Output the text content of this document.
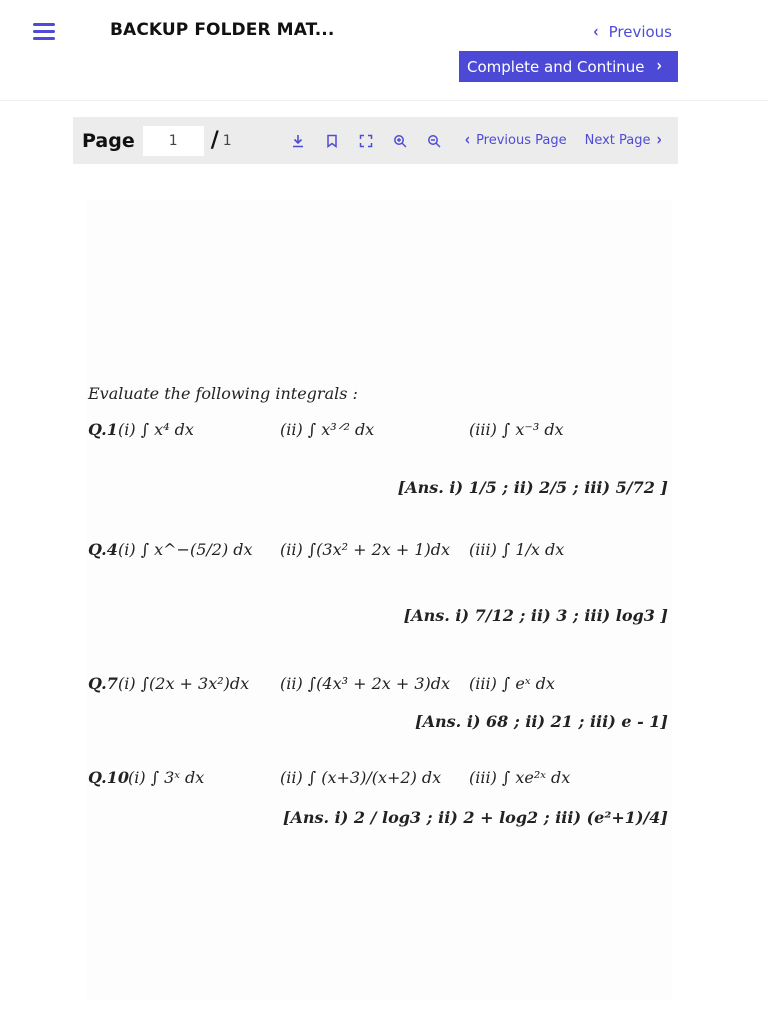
BACKUP FOLDER MAT...	‹ Previous
Complete and Continue ›
Page
1	/ 1	‹ Previous Page Next Page ›
Evaluate the following integrals :
Q.1 (i) ∫ x⁴ dx	(ii) ∫ x³ᐟ² dx	(iii) ∫ x⁻³ dx
[Ans. i) 1/5 ; ii) 2/5 ; iii) 5/72 ]
Q.4 (i) ∫ x^−(5/2) dx (ii) ∫(3x² + 2x + 1)dx (iii) ∫ 1/x dx
[Ans. i) 7/12 ; ii) 3 ; iii) log3 ]
Q.7 (i) ∫(2x + 3x²)dx (ii) ∫(4x³ + 2x + 3)dx (iii) ∫ eˣ dx
[Ans. i) 68 ; ii) 21 ; iii) e - 1]
Q.10 (i) ∫ 3ˣ dx	(ii) ∫ (x+3)/(x+2) dx (iii) ∫ xe²ˣ dx
[Ans. i) 2 / log3 ; ii) 2 + log2 ; iii) (e²+1)/4]
